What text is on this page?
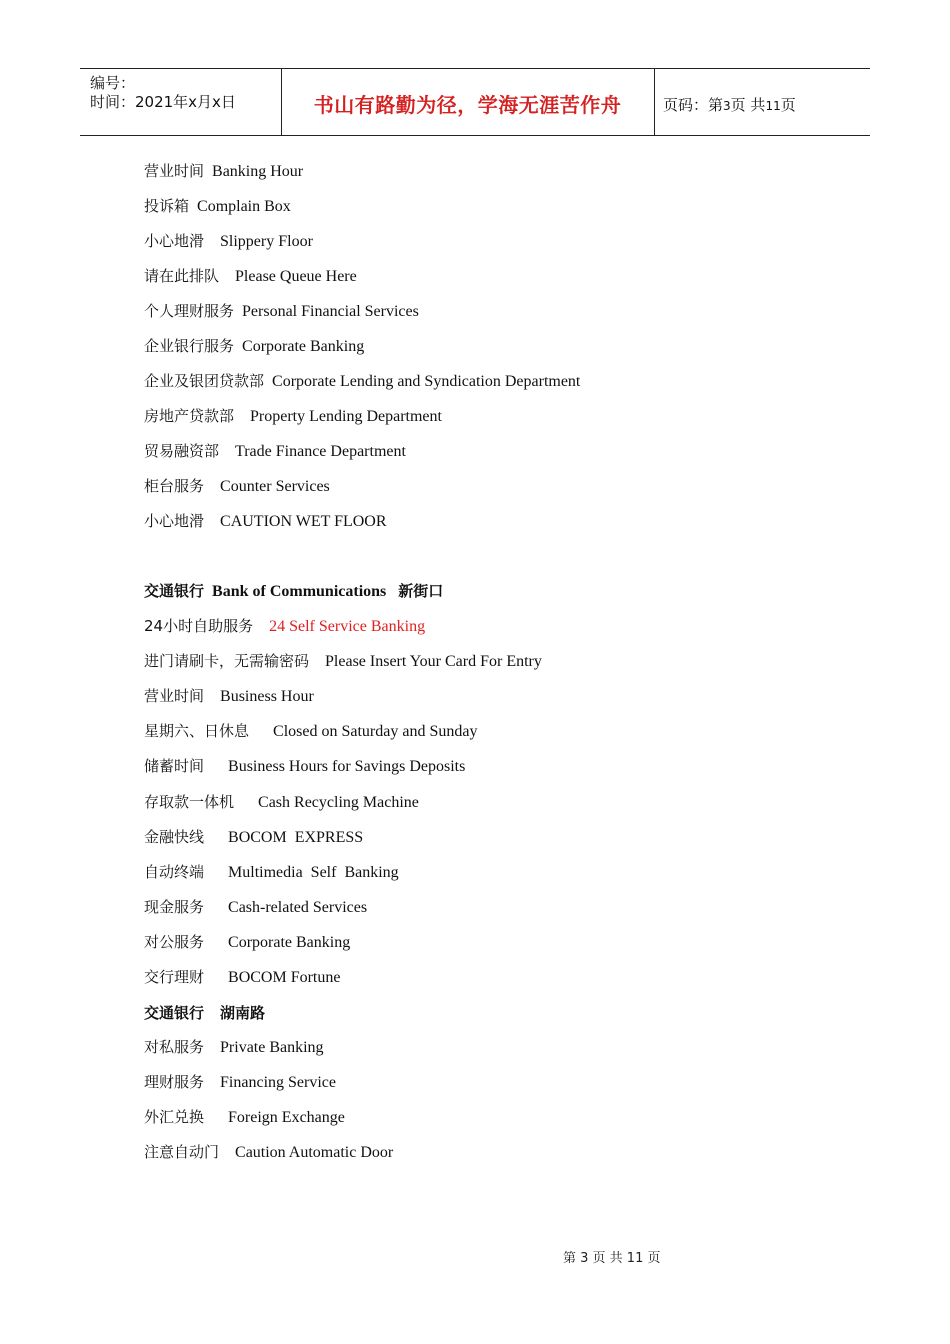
编号：
时间：2021年x月x日	书山有路勤为径，学海无涯苦作舟	页码：第3页 共11页
营业时间 Banking Hour
投诉箱 Complain Box
小心地滑 Slippery Floor
请在此排队 Please Queue Here
个人理财服务 Personal Financial Services
企业银行服务 Corporate Banking
企业及银团贷款部 Corporate Lending and Syndication Department
房地产贷款部 Property Lending Department
贸易融资部 Trade Finance Department
柜台服务 Counter Services
小心地滑 CAUTION WET FLOOR
交通银行 Bank of Communications 新街口
24小时自助服务 24 Self Service Banking
进门请刷卡，无需输密码 Please Insert Your Card For Entry
营业时间 Business Hour
星期六、日休息 Closed on Saturday and Sunday
储蓄时间 Business Hours for Savings Deposits
存取款一体机 Cash Recycling Machine
金融快线 BOCOM  EXPRESS
自动终端 Multimedia  Self  Banking
现金服务 Cash-related Services
对公服务 Corporate Banking
交行理财 BOCOM Fortune
交通银行 湖南路
对私服务 Private Banking
理财服务 Financing Service
外汇兑换 Foreign Exchange
注意自动门 Caution Automatic Door
第 3 页 共 11 页
